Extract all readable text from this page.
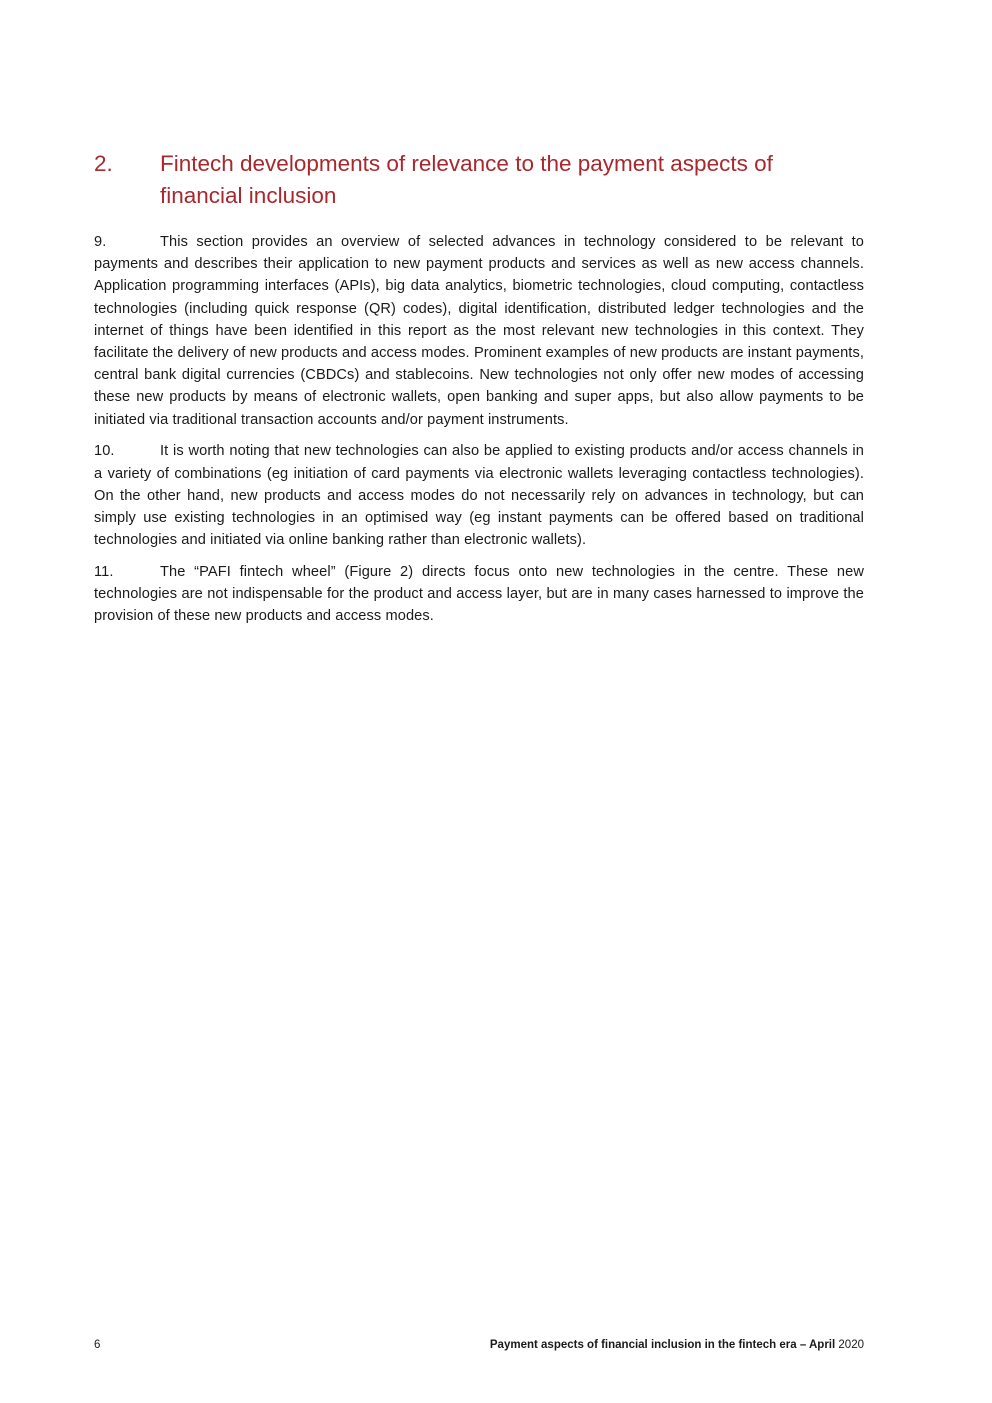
2.	Fintech developments of relevance to the payment aspects of financial inclusion

9.	This section provides an overview of selected advances in technology considered to be relevant to payments and describes their application to new payment products and services as well as new access channels. Application programming interfaces (APIs), big data analytics, biometric technologies, cloud computing, contactless technologies (including quick response (QR) codes), digital identification, distributed ledger technologies and the internet of things have been identified in this report as the most relevant new technologies in this context. They facilitate the delivery of new products and access modes. Prominent examples of new products are instant payments, central bank digital currencies (CBDCs) and stablecoins. New technologies not only offer new modes of accessing these new products by means of electronic wallets, open banking and super apps, but also allow payments to be initiated via traditional transaction accounts and/or payment instruments.

10.	It is worth noting that new technologies can also be applied to existing products and/or access channels in a variety of combinations (eg initiation of card payments via electronic wallets leveraging contactless technologies). On the other hand, new products and access modes do not necessarily rely on advances in technology, but can simply use existing technologies in an optimised way (eg instant payments can be offered based on traditional technologies and initiated via online banking rather than electronic wallets).

11.	The “PAFI fintech wheel” (Figure 2) directs focus onto new technologies in the centre. These new technologies are not indispensable for the product and access layer, but are in many cases harnessed to improve the provision of these new products and access modes.

6	Payment aspects of financial inclusion in the fintech era – April 2020
